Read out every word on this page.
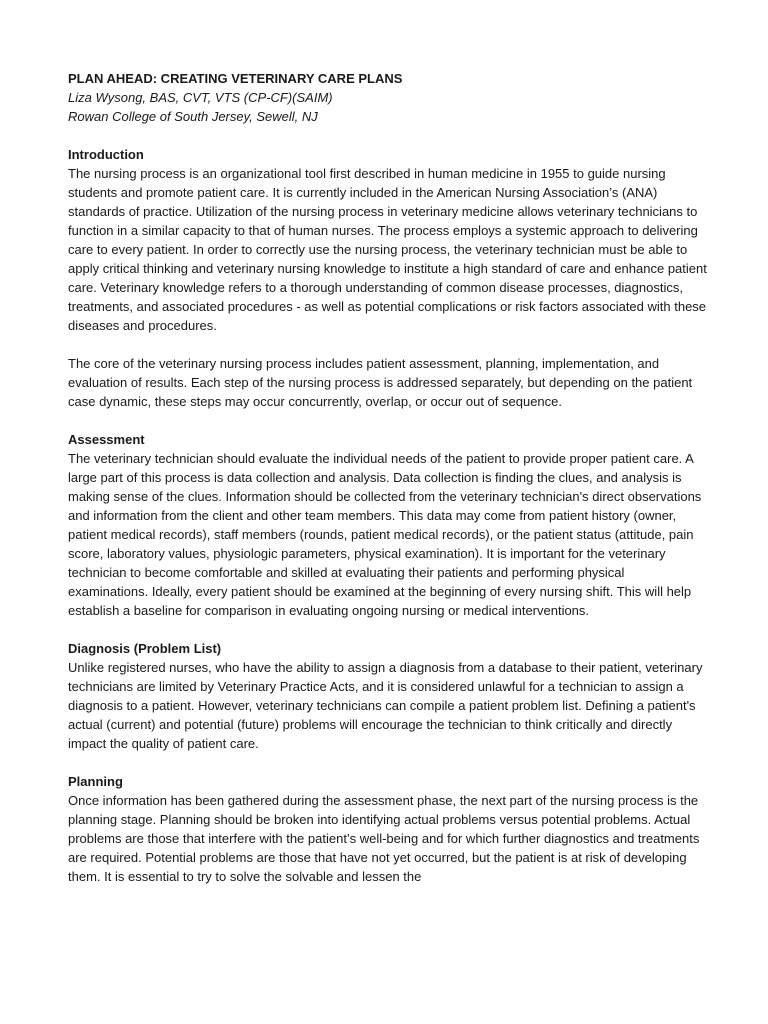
PLAN AHEAD: CREATING VETERINARY CARE PLANS

Liza Wysong, BAS, CVT, VTS (CP-CF)(SAIM)

Rowan College of South Jersey, Sewell, NJ

Introduction

The nursing process is an organizational tool first described in human medicine in 1955 to guide nursing students and promote patient care. It is currently included in the American Nursing Association’s (ANA) standards of practice. Utilization of the nursing process in veterinary medicine allows veterinary technicians to function in a similar capacity to that of human nurses. The process employs a systemic approach to delivering care to every patient. In order to correctly use the nursing process, the veterinary technician must be able to apply critical thinking and veterinary nursing knowledge to institute a high standard of care and enhance patient care. Veterinary knowledge refers to a thorough understanding of common disease processes, diagnostics, treatments, and associated procedures - as well as potential complications or risk factors associated with these diseases and procedures.

The core of the veterinary nursing process includes patient assessment, planning, implementation, and evaluation of results. Each step of the nursing process is addressed separately, but depending on the patient case dynamic, these steps may occur concurrently, overlap, or occur out of sequence.

Assessment

The veterinary technician should evaluate the individual needs of the patient to provide proper patient care. A large part of this process is data collection and analysis. Data collection is finding the clues, and analysis is making sense of the clues. Information should be collected from the veterinary technician's direct observations and information from the client and other team members. This data may come from patient history (owner, patient medical records), staff members (rounds, patient medical records), or the patient status (attitude, pain score, laboratory values, physiologic parameters, physical examination). It is important for the veterinary technician to become comfortable and skilled at evaluating their patients and performing physical examinations. Ideally, every patient should be examined at the beginning of every nursing shift. This will help establish a baseline for comparison in evaluating ongoing nursing or medical interventions.

Diagnosis (Problem List)

Unlike registered nurses, who have the ability to assign a diagnosis from a database to their patient, veterinary technicians are limited by Veterinary Practice Acts, and it is considered unlawful for a technician to assign a diagnosis to a patient. However, veterinary technicians can compile a patient problem list. Defining a patient's actual (current) and potential (future) problems will encourage the technician to think critically and directly impact the quality of patient care.

Planning

Once information has been gathered during the assessment phase, the next part of the nursing process is the planning stage. Planning should be broken into identifying actual problems versus potential problems. Actual problems are those that interfere with the patient’s well-being and for which further diagnostics and treatments are required. Potential problems are those that have not yet occurred, but the patient is at risk of developing them. It is essential to try to solve the solvable and lessen the
